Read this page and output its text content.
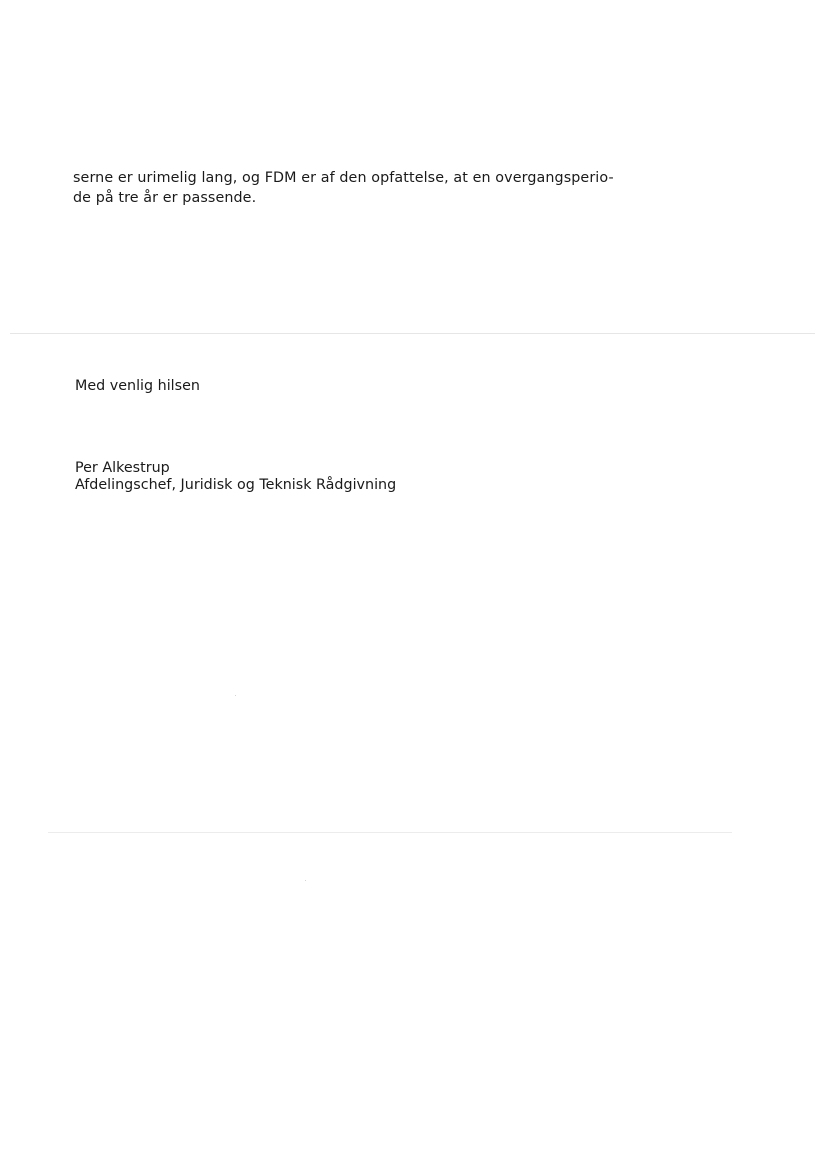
serne er urimelig lang, og FDM er af den opfattelse, at en overgangsperio-
de på tre år er passende.

Med venlig hilsen

Per Alkestrup
Afdelingschef, Juridisk og Teknisk Rådgivning
